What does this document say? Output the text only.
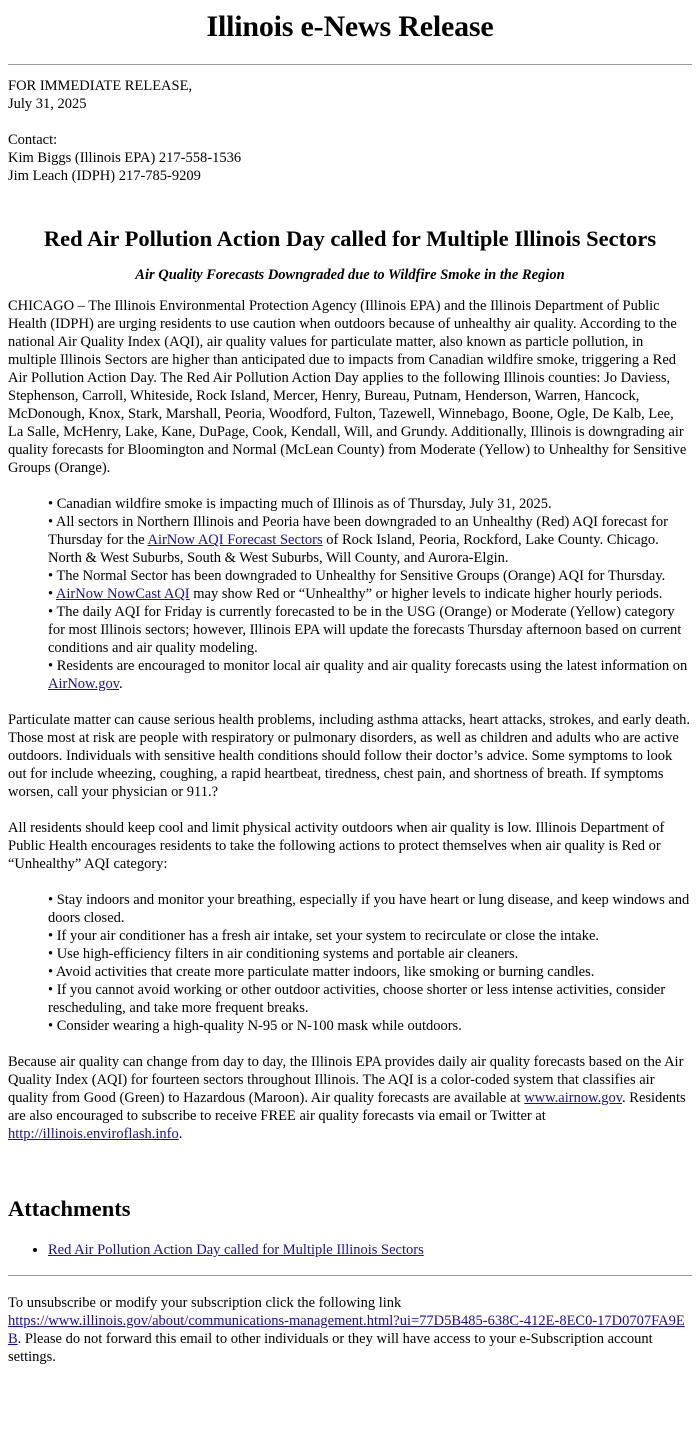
Illinois e-News Release
FOR IMMEDIATE RELEASE,
July 31, 2025
Contact:
Kim Biggs (Illinois EPA) 217-558-1536
Jim Leach (IDPH) 217-785-9209
Red Air Pollution Action Day called for Multiple Illinois Sectors
Air Quality Forecasts Downgraded due to Wildfire Smoke in the Region

CHICAGO – The Illinois Environmental Protection Agency (Illinois EPA) and the Illinois Department of Public Health (IDPH) are urging residents to use caution when outdoors because of unhealthy air quality. According to the national Air Quality Index (AQI), air quality values for particulate matter, also known as particle pollution, in multiple Illinois Sectors are higher than anticipated due to impacts from Canadian wildfire smoke, triggering a Red Air Pollution Action Day. The Red Air Pollution Action Day applies to the following Illinois counties: Jo Daviess, Stephenson, Carroll, Whiteside, Rock Island, Mercer, Henry, Bureau, Putnam, Henderson, Warren, Hancock, McDonough, Knox, Stark, Marshall, Peoria, Woodford, Fulton, Tazewell, Winnebago, Boone, Ogle, De Kalb, Lee, La Salle, McHenry, Lake, Kane, DuPage, Cook, Kendall, Will, and Grundy. Additionally, Illinois is downgrading air quality forecasts for Bloomington and Normal (McLean County) from Moderate (Yellow) to Unhealthy for Sensitive Groups (Orange).

• Canadian wildfire smoke is impacting much of Illinois as of Thursday, July 31, 2025.
• All sectors in Northern Illinois and Peoria have been downgraded to an Unhealthy (Red) AQI forecast for Thursday for the AirNow AQI Forecast Sectors of Rock Island, Peoria, Rockford, Lake County. Chicago. North & West Suburbs, South & West Suburbs, Will County, and Aurora-Elgin.
• The Normal Sector has been downgraded to Unhealthy for Sensitive Groups (Orange) AQI for Thursday.
• AirNow NowCast AQI may show Red or “Unhealthy” or higher levels to indicate higher hourly periods.
• The daily AQI for Friday is currently forecasted to be in the USG (Orange) or Moderate (Yellow) category for most Illinois sectors; however, Illinois EPA will update the forecasts Thursday afternoon based on current conditions and air quality modeling.
• Residents are encouraged to monitor local air quality and air quality forecasts using the latest information on AirNow.gov.

Particulate matter can cause serious health problems, including asthma attacks, heart attacks, strokes, and early death. Those most at risk are people with respiratory or pulmonary disorders, as well as children and adults who are active outdoors. Individuals with sensitive health conditions should follow their doctor’s advice. Some symptoms to look out for include wheezing, coughing, a rapid heartbeat, tiredness, chest pain, and shortness of breath. If symptoms worsen, call your physician or 911.?

All residents should keep cool and limit physical activity outdoors when air quality is low. Illinois Department of Public Health encourages residents to take the following actions to protect themselves when air quality is Red or “Unhealthy” AQI category:

• Stay indoors and monitor your breathing, especially if you have heart or lung disease, and keep windows and doors closed.
• If your air conditioner has a fresh air intake, set your system to recirculate or close the intake.
• Use high-efficiency filters in air conditioning systems and portable air cleaners.
• Avoid activities that create more particulate matter indoors, like smoking or burning candles.
• If you cannot avoid working or other outdoor activities, choose shorter or less intense activities, consider rescheduling, and take more frequent breaks.
• Consider wearing a high-quality N-95 or N-100 mask while outdoors.

Because air quality can change from day to day, the Illinois EPA provides daily air quality forecasts based on the Air Quality Index (AQI) for fourteen sectors throughout Illinois. The AQI is a color-coded system that classifies air quality from Good (Green) to Hazardous (Maroon). Air quality forecasts are available at www.airnow.gov. Residents are also encouraged to subscribe to receive FREE air quality forecasts via email or Twitter at http://illinois.enviroflash.info.

Attachments
• Red Air Pollution Action Day called for Multiple Illinois Sectors

To unsubscribe or modify your subscription click the following link
https://www.illinois.gov/about/communications-management.html?ui=77D5B485-638C-412E-8EC0-17D0707FA9EB. Please do not forward this email to other individuals or they will have access to your e-Subscription account settings.
